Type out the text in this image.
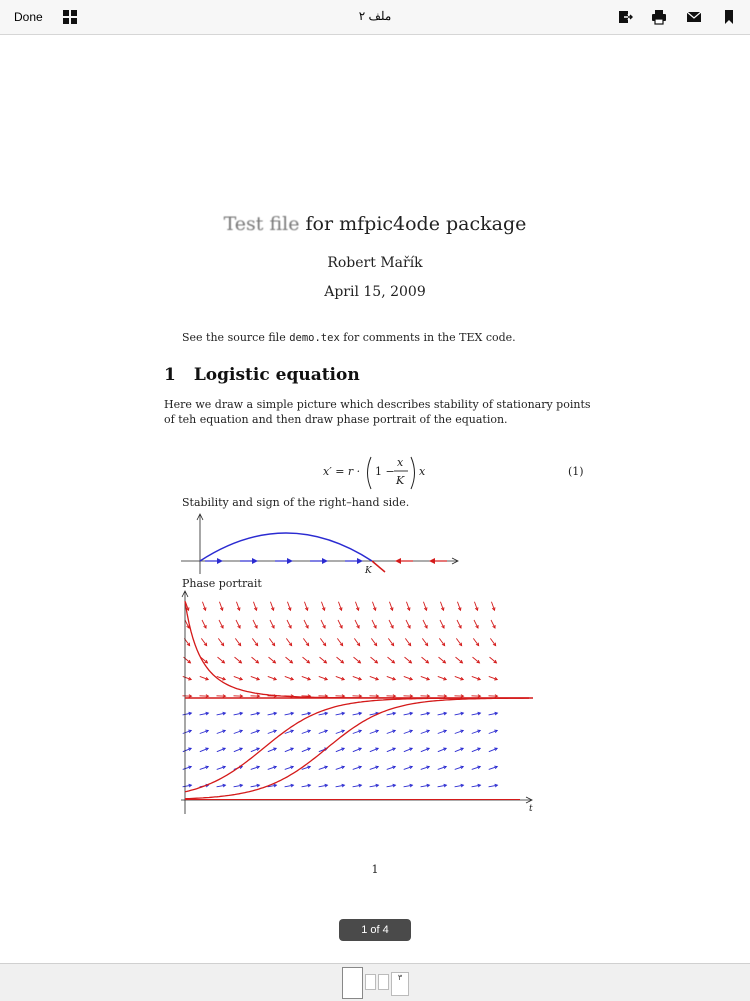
Done	ملف ٢
Test file for mfpic4ode package
Robert Mařík
April 15, 2009
See the source file demo.tex for comments in the TEX code.
1 Logistic equation
Here we draw a simple picture which describes stability of stationary points of teh equation and then draw phase portrait of the equation.
x′ = r · 1 −
x
K
x	(1)
Stability and sign of the right–hand side.
K
Phase portrait
t
1
1 of 4
٣
